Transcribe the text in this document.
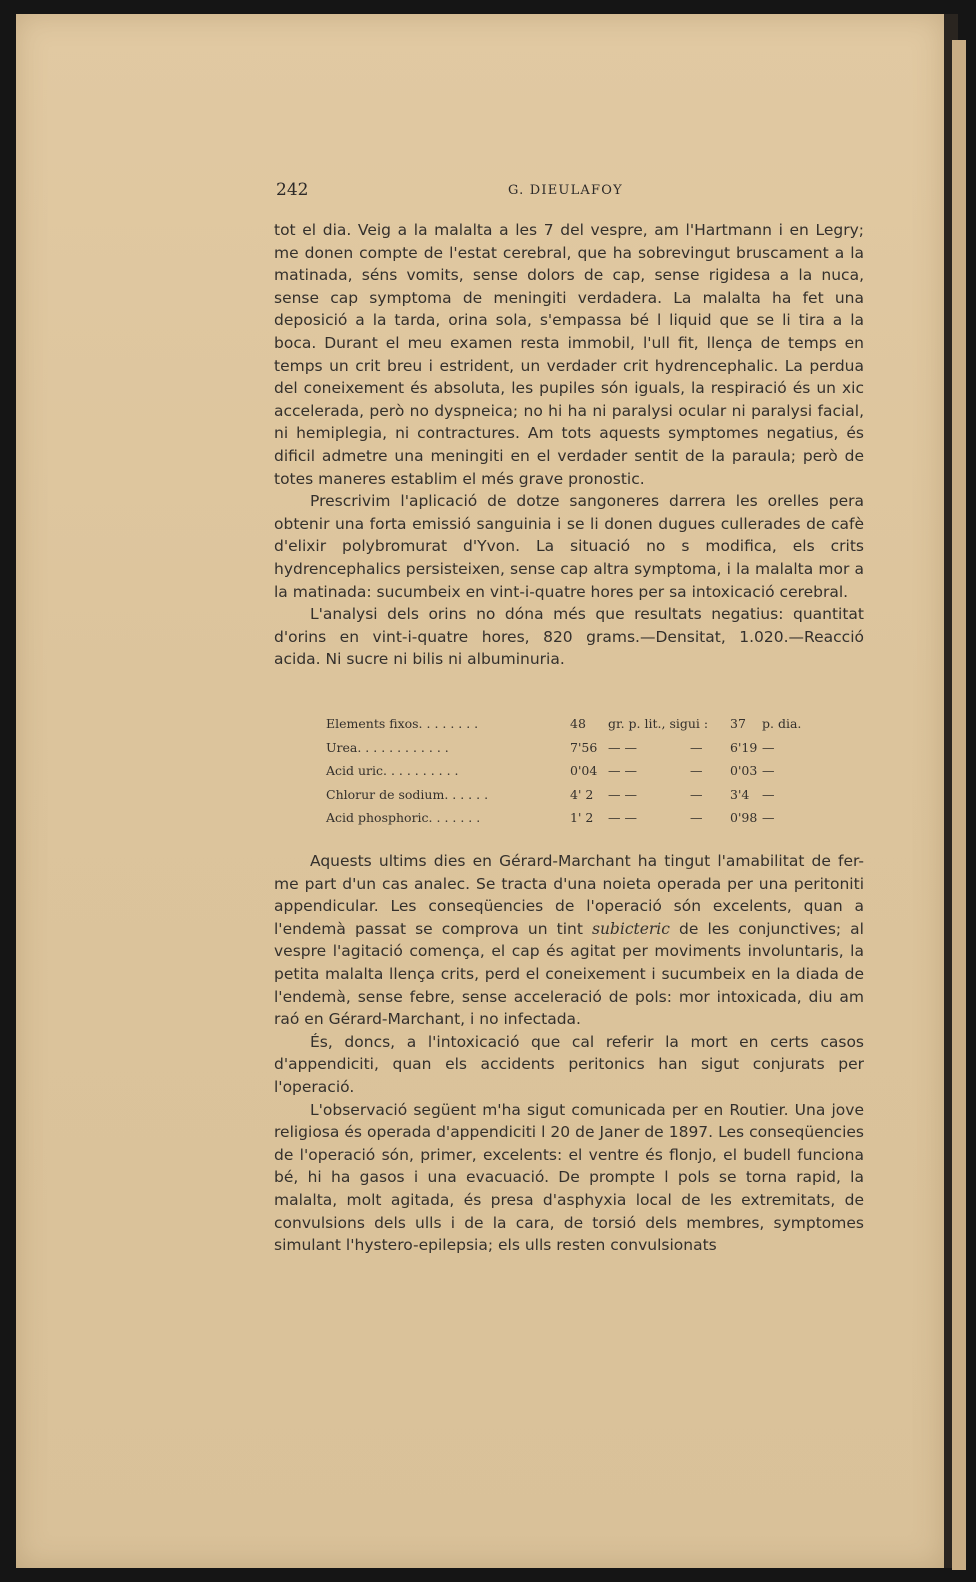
242	G. DIEULAFOY

tot el dia. Veig a la malalta a les 7 del vespre, am l'Hartmann i en Legry; me donen compte de l'estat cerebral, que ha sobrevingut bruscament a la matinada, séns vomits, sense dolors de cap, sense rigidesa a la nuca, sense cap symptoma de meningiti verdadera. La malalta ha fet una deposició a la tarda, orina sola, s'empassa bé l liquid que se li tira a la boca. Durant el meu examen resta immobil, l'ull fit, llença de temps en temps un crit breu i estrident, un verdader crit hydrencephalic. La perdua del coneixement és absoluta, les pupiles són iguals, la respiració és un xic accelerada, però no dyspneica; no hi ha ni paralysi ocular ni paralysi facial, ni hemiplegia, ni contractures. Am tots aquests symptomes negatius, és dificil admetre una meningiti en el verdader sentit de la paraula; però de totes maneres establim el més grave pronostic.

Prescrivim l'aplicació de dotze sangoneres darrera les orelles pera obtenir una forta emissió sanguinia i se li donen dugues cullerades de cafè d'elixir polybromurat d'Yvon. La situació no s modifica, els crits hydrencephalics persisteixen, sense cap altra symptoma, i la malalta mor a la matinada: sucumbeix en vint-i-quatre hores per sa intoxicació cerebral.

L'analysi dels orins no dóna més que resultats negatius: quantitat d'orins en vint-i-quatre hores, 820 grams.—Densitat, 1.020.—Reacció acida. Ni sucre ni bilis ni albuminuria.

Elements fixos. . . . . . . .	48 gr. p. lit., sigui : 37 p. dia.
Urea. . . . . . . . . . . .	7'56 — —	— 6'19 —
Acid uric. . . . . . . . . .	0'04 — —	— 0'03 —
Chlorur de sodium. . . . . .	4' 2 — —	— 3'4 —
Acid phosphoric. . . . . . .	1' 2 — —	— 0'98 —

Aquests ultims dies en Gérard-Marchant ha tingut l'amabilitat de fer-me part d'un cas analec. Se tracta d'una noieta operada per una peritoniti appendicular. Les conseqüencies de l'operació són excelents, quan a l'endemà passat se comprova un tint subicteric de les conjunctives; al vespre l'agitació comença, el cap és agitat per moviments involuntaris, la petita malalta llença crits, perd el coneixement i sucumbeix en la diada de l'endemà, sense febre, sense acceleració de pols: mor intoxicada, diu am raó en Gérard-Marchant, i no infectada.

És, doncs, a l'intoxicació que cal referir la mort en certs casos d'appendiciti, quan els accidents peritonics han sigut conjurats per l'operació.

L'observació següent m'ha sigut comunicada per en Routier. Una jove religiosa és operada d'appendiciti l 20 de Janer de 1897. Les conseqüencies de l'operació són, primer, excelents: el ventre és flonjo, el budell funciona bé, hi ha gasos i una evacuació. De prompte l pols se torna rapid, la malalta, molt agitada, és presa d'asphyxia local de les extremitats, de convulsions dels ulls i de la cara, de torsió dels membres, symptomes simulant l'hystero-epilepsia; els ulls resten convulsionats
